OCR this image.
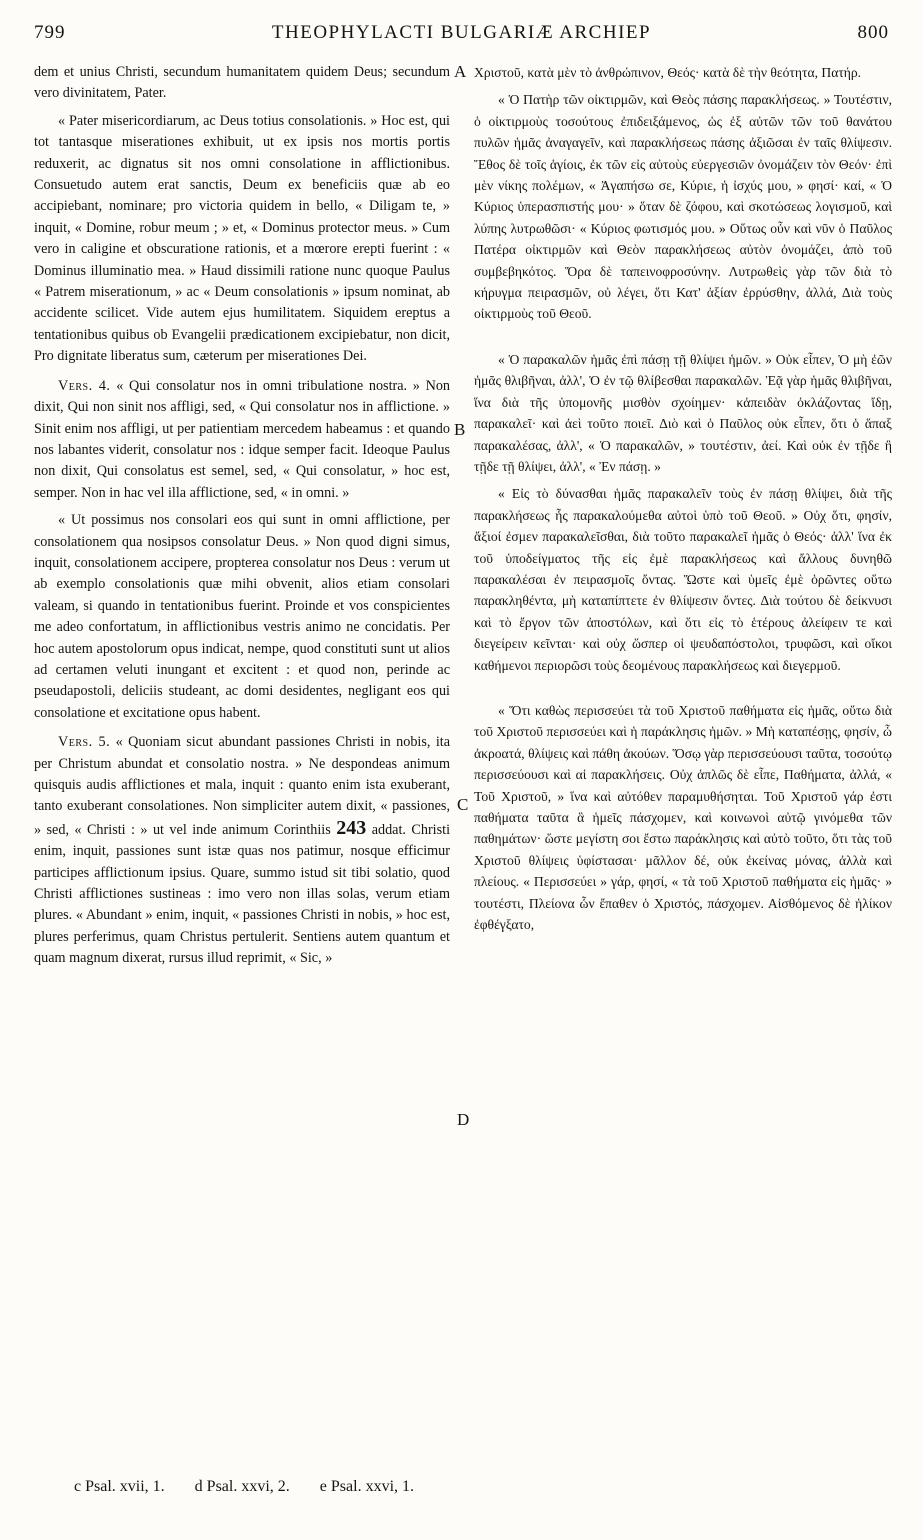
799	THEOPHYLACTI BULGARIÆ ARCHIEP	800
A
B
C
D

dem et unius Christi, secundum humanitatem quidem Deus; secundum vero divinitatem, Pater.

« Pater misericordiarum, ac Deus totius consolationis. » Hoc est, qui tot tantasque miserationes exhibuit, ut ex ipsis nos mortis portis reduxerit, ac dignatus sit nos omni consolatione in afflictionibus. Consuetudo autem erat sanctis, Deum ex beneficiis quæ ab eo accipiebant, nominare; pro victoria quidem in bello, « Diligam te, » inquit, « Domine, robur meum ; » et, « Dominus protector meus. » Cum vero in caligine et obscuratione rationis, et a mœrore erepti fuerint : « Dominus illuminatio mea. » Haud dissimili ratione nunc quoque Paulus « Patrem miserationum, » ac « Deum consolationis » ipsum nominat, ab accidente scilicet. Vide autem ejus humilitatem. Siquidem ereptus a tentationibus quibus ob Evangelii prædicationem excipiebatur, non dicit, Pro dignitate liberatus sum, cæterum per miserationes Dei.

Vers. 4. « Qui consolatur nos in omni tribulatione nostra. » Non dixit, Qui non sinit nos affligi, sed, « Qui consolatur nos in afflictione. » Sinit enim nos affligi, ut per patientiam mercedem habeamus : et quando nos labantes viderit, consolatur nos : idque semper facit. Ideoque Paulus non dixit, Qui consolatus est semel, sed, « Qui consolatur, » hoc est, semper. Non in hac vel illa afflictione, sed, « in omni. »

« Ut possimus nos consolari eos qui sunt in omni afflictione, per consolationem qua nosipsos consolatur Deus. » Non quod digni simus, inquit, consolationem accipere, propterea consolatur nos Deus : verum ut ab exemplo consolationis quæ mihi obvenit, alios etiam consolari valeam, si quando in tentationibus fuerint. Proinde et vos conspicientes me adeo confortatum, in afflictionibus vestris animo ne concidatis. Per hoc autem apostolorum opus indicat, nempe, quod constituti sunt ut alios ad certamen veluti inungant et excitent : et quod non, perinde ac pseudapostoli, deliciis studeant, ac domi desidentes, negligant eos qui consolatione et excitatione opus habent.

Vers. 5. « Quoniam sicut abundant passiones Christi in nobis, ita per Christum abundat et consolatio nostra. » Ne despondeas animum quisquis audis afflictiones et mala, inquit : quanto enim ista exuberant, tanto exuberant consolationes. Non simpliciter autem dixit, « passiones, » sed, « Christi : » ut vel inde animum Corinthiis 243 addat. Christi enim, inquit, passiones sunt istæ quas nos patimur, nosque efficimur participes afflictionum ipsius. Quare, summo istud sit tibi solatio, quod Christi afflictiones sustineas : imo vero non illas solas, verum etiam plures. « Abundant » enim, inquit, « passiones Christi in nobis, » hoc est, plures perferimus, quam Christus pertulerit. Sentiens autem quantum et quam magnum dixerat, rursus illud reprimit, « Sic, »

Χριστοῦ, κατὰ μὲν τὸ ἀνθρώπινον, Θεός· κατὰ δὲ τὴν θεότητα, Πατήρ.

« Ὁ Πατὴρ τῶν οἰκτιρμῶν, καὶ Θεὸς πάσης παρακλήσεως. » Τουτέστιν, ὁ οἰκτιρμοὺς τοσούτους ἐπιδειξάμενος, ὡς ἐξ αὐτῶν τῶν τοῦ θανάτου πυλῶν ἡμᾶς ἀναγαγεῖν, καὶ παρακλήσεως πάσης ἀξιῶσαι ἐν ταῖς θλίψεσιν. Ἔθος δὲ τοῖς ἁγίοις, ἐκ τῶν εἰς αὐτοὺς εὐεργεσιῶν ὀνομάζειν τὸν Θεόν· ἐπὶ μὲν νίκης πολέμων, « Ἀγαπήσω σε, Κύριε, ἡ ἰσχύς μου, » φησί· καί, « Ὁ Κύριος ὑπερασπιστής μου· » ὅταν δὲ ζόφου, καὶ σκοτώσεως λογισμοῦ, καὶ λύπης λυτρωθῶσι· « Κύριος φωτισμός μου. » Οὕτως οὖν καὶ νῦν ὁ Παῦλος Πατέρα οἰκτιρμῶν καὶ Θεὸν παρακλήσεως αὐτὸν ὀνομάζει, ἀπὸ τοῦ συμβεβηκότος. Ὅρα δὲ ταπεινοφροσύνην. Λυτρωθεὶς γὰρ τῶν διὰ τὸ κήρυγμα πειρασμῶν, οὐ λέγει, ὅτι Κατ' ἀξίαν ἐρρύσθην, ἀλλά, Διὰ τοὺς οἰκτιρμοὺς τοῦ Θεοῦ.

« Ὁ παρακαλῶν ἡμᾶς ἐπὶ πάσῃ τῇ θλίψει ἡμῶν. » Οὐκ εἶπεν, Ὁ μὴ ἐῶν ἡμᾶς θλιβῆναι, ἀλλ', Ὁ ἐν τῷ θλίβεσθαι παρακαλῶν. Ἐᾷ γὰρ ἡμᾶς θλιβῆναι, ἵνα διὰ τῆς ὑπομονῆς μισθὸν σχοίημεν· κἀπειδὰν ὀκλάζοντας ἴδῃ, παρακαλεῖ· καὶ ἀεὶ τοῦτο ποιεῖ. Διὸ καὶ ὁ Παῦλος οὐκ εἶπεν, ὅτι ὁ ἅπαξ παρακαλέσας, ἀλλ', « Ὁ παρακαλῶν, » τουτέστιν, ἀεί. Καὶ οὐκ ἐν τῇδε ἢ τῇδε τῇ θλίψει, ἀλλ', « Ἐν πάσῃ. »

« Εἰς τὸ δύνασθαι ἡμᾶς παρακαλεῖν τοὺς ἐν πάσῃ θλίψει, διὰ τῆς παρακλήσεως ἧς παρακαλούμεθα αὐτοὶ ὑπὸ τοῦ Θεοῦ. » Οὐχ ὅτι, φησίν, ἄξιοί ἐσμεν παρακαλεῖσθαι, διὰ τοῦτο παρακαλεῖ ἡμᾶς ὁ Θεός· ἀλλ' ἵνα ἐκ τοῦ ὑποδείγματος τῆς εἰς ἐμὲ παρακλήσεως καὶ ἄλλους δυνηθῶ παρακαλέσαι ἐν πειρασμοῖς ὄντας. Ὥστε καὶ ὑμεῖς ἐμὲ ὁρῶντες οὕτω παρακληθέντα, μὴ καταπίπτετε ἐν θλίψεσιν ὄντες. Διὰ τούτου δὲ δείκνυσι καὶ τὸ ἔργον τῶν ἀποστόλων, καὶ ὅτι εἰς τὸ ἑτέρους ἀλείφειν τε καὶ διεγείρειν κεῖνται· καὶ οὐχ ὥσπερ οἱ ψευδαπόστολοι, τρυφῶσι, καὶ οἴκοι καθήμενοι περιορῶσι τοὺς δεομένους παρακλήσεως καὶ διεγερμοῦ.

« Ὅτι καθὼς περισσεύει τὰ τοῦ Χριστοῦ παθήματα εἰς ἡμᾶς, οὕτω διὰ τοῦ Χριστοῦ περισσεύει καὶ ἡ παράκλησις ἡμῶν. » Μὴ καταπέσῃς, φησίν, ὦ ἀκροατά, θλίψεις καὶ πάθη ἀκούων. Ὅσῳ γὰρ περισσεύουσι ταῦτα, τοσούτῳ περισσεύουσι καὶ αἱ παρακλήσεις. Οὐχ ἁπλῶς δὲ εἶπε, Παθήματα, ἀλλά, « Τοῦ Χριστοῦ, » ἵνα καὶ αὐτόθεν παραμυθήσηται. Τοῦ Χριστοῦ γάρ ἐστι παθήματα ταῦτα ἃ ἡμεῖς πάσχομεν, καὶ κοινωνοὶ αὐτῷ γινόμεθα τῶν παθημάτων· ὥστε μεγίστη σοι ἔστω παράκλησις καὶ αὐτὸ τοῦτο, ὅτι τὰς τοῦ Χριστοῦ θλίψεις ὑφίστασαι· μᾶλλον δέ, οὐκ ἐκείνας μόνας, ἀλλὰ καὶ πλείους. « Περισσεύει » γάρ, φησί, « τὰ τοῦ Χριστοῦ παθήματα εἰς ἡμᾶς· » τουτέστι, Πλείονα ὧν ἔπαθεν ὁ Χριστός, πάσχομεν. Αἰσθόμενος δὲ ἡλίκον ἐφθέγξατο,

c Psal. xvii, 1. d Psal. xxvi, 2. e Psal. xxvi, 1.
